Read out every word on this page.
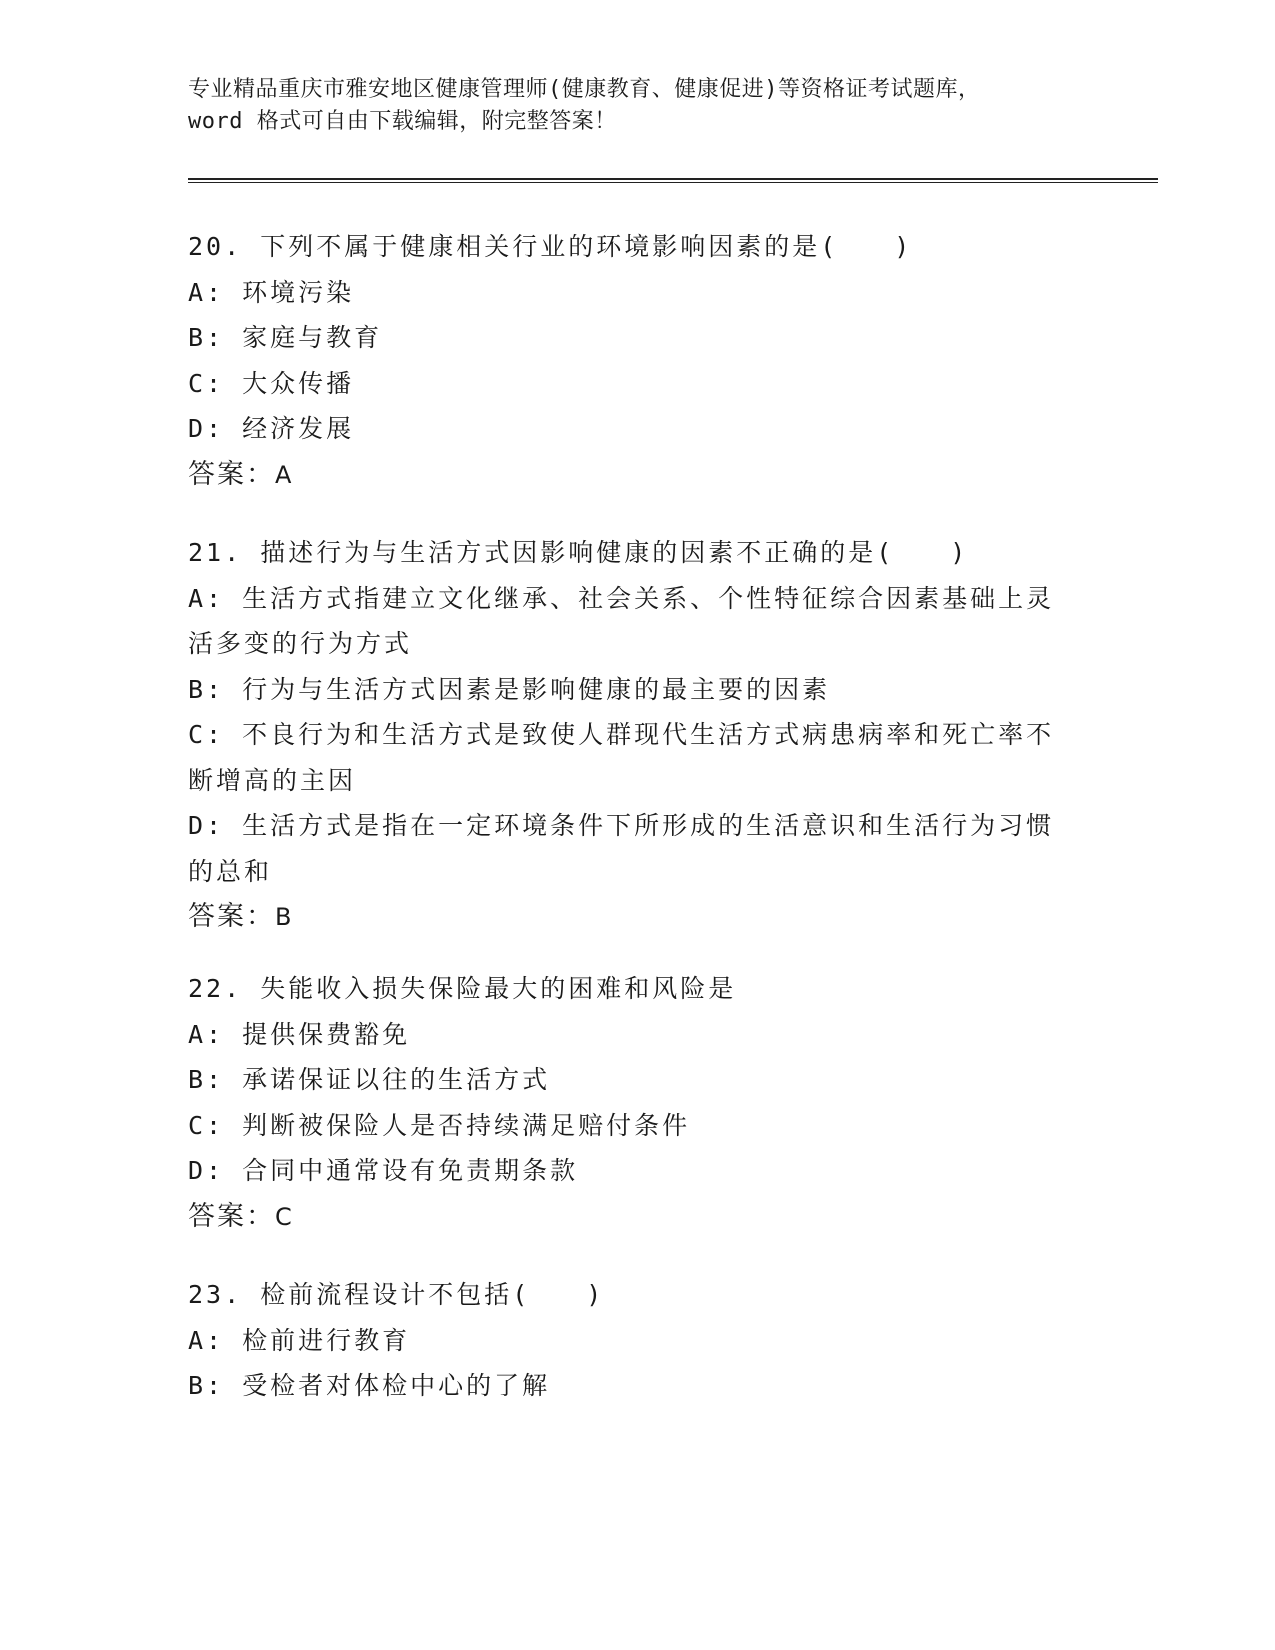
专业精品重庆市雅安地区健康管理师(健康教育、健康促进)等资格证考试题库，
word 格式可自由下载编辑，附完整答案！
20. 下列不属于健康相关行业的环境影响因素的是(　　)
A: 环境污染
B: 家庭与教育
C: 大众传播
D: 经济发展
答案：A
21. 描述行为与生活方式因影响健康的因素不正确的是(　　)
A: 生活方式指建立文化继承、社会关系、个性特征综合因素基础上灵
活多变的行为方式
B: 行为与生活方式因素是影响健康的最主要的因素
C: 不良行为和生活方式是致使人群现代生活方式病患病率和死亡率不
断增高的主因
D: 生活方式是指在一定环境条件下所形成的生活意识和生活行为习惯
的总和
答案：B
22. 失能收入损失保险最大的困难和风险是
A: 提供保费豁免
B: 承诺保证以往的生活方式
C: 判断被保险人是否持续满足赔付条件
D: 合同中通常设有免责期条款
答案：C
23. 检前流程设计不包括(　　)
A: 检前进行教育
B: 受检者对体检中心的了解
